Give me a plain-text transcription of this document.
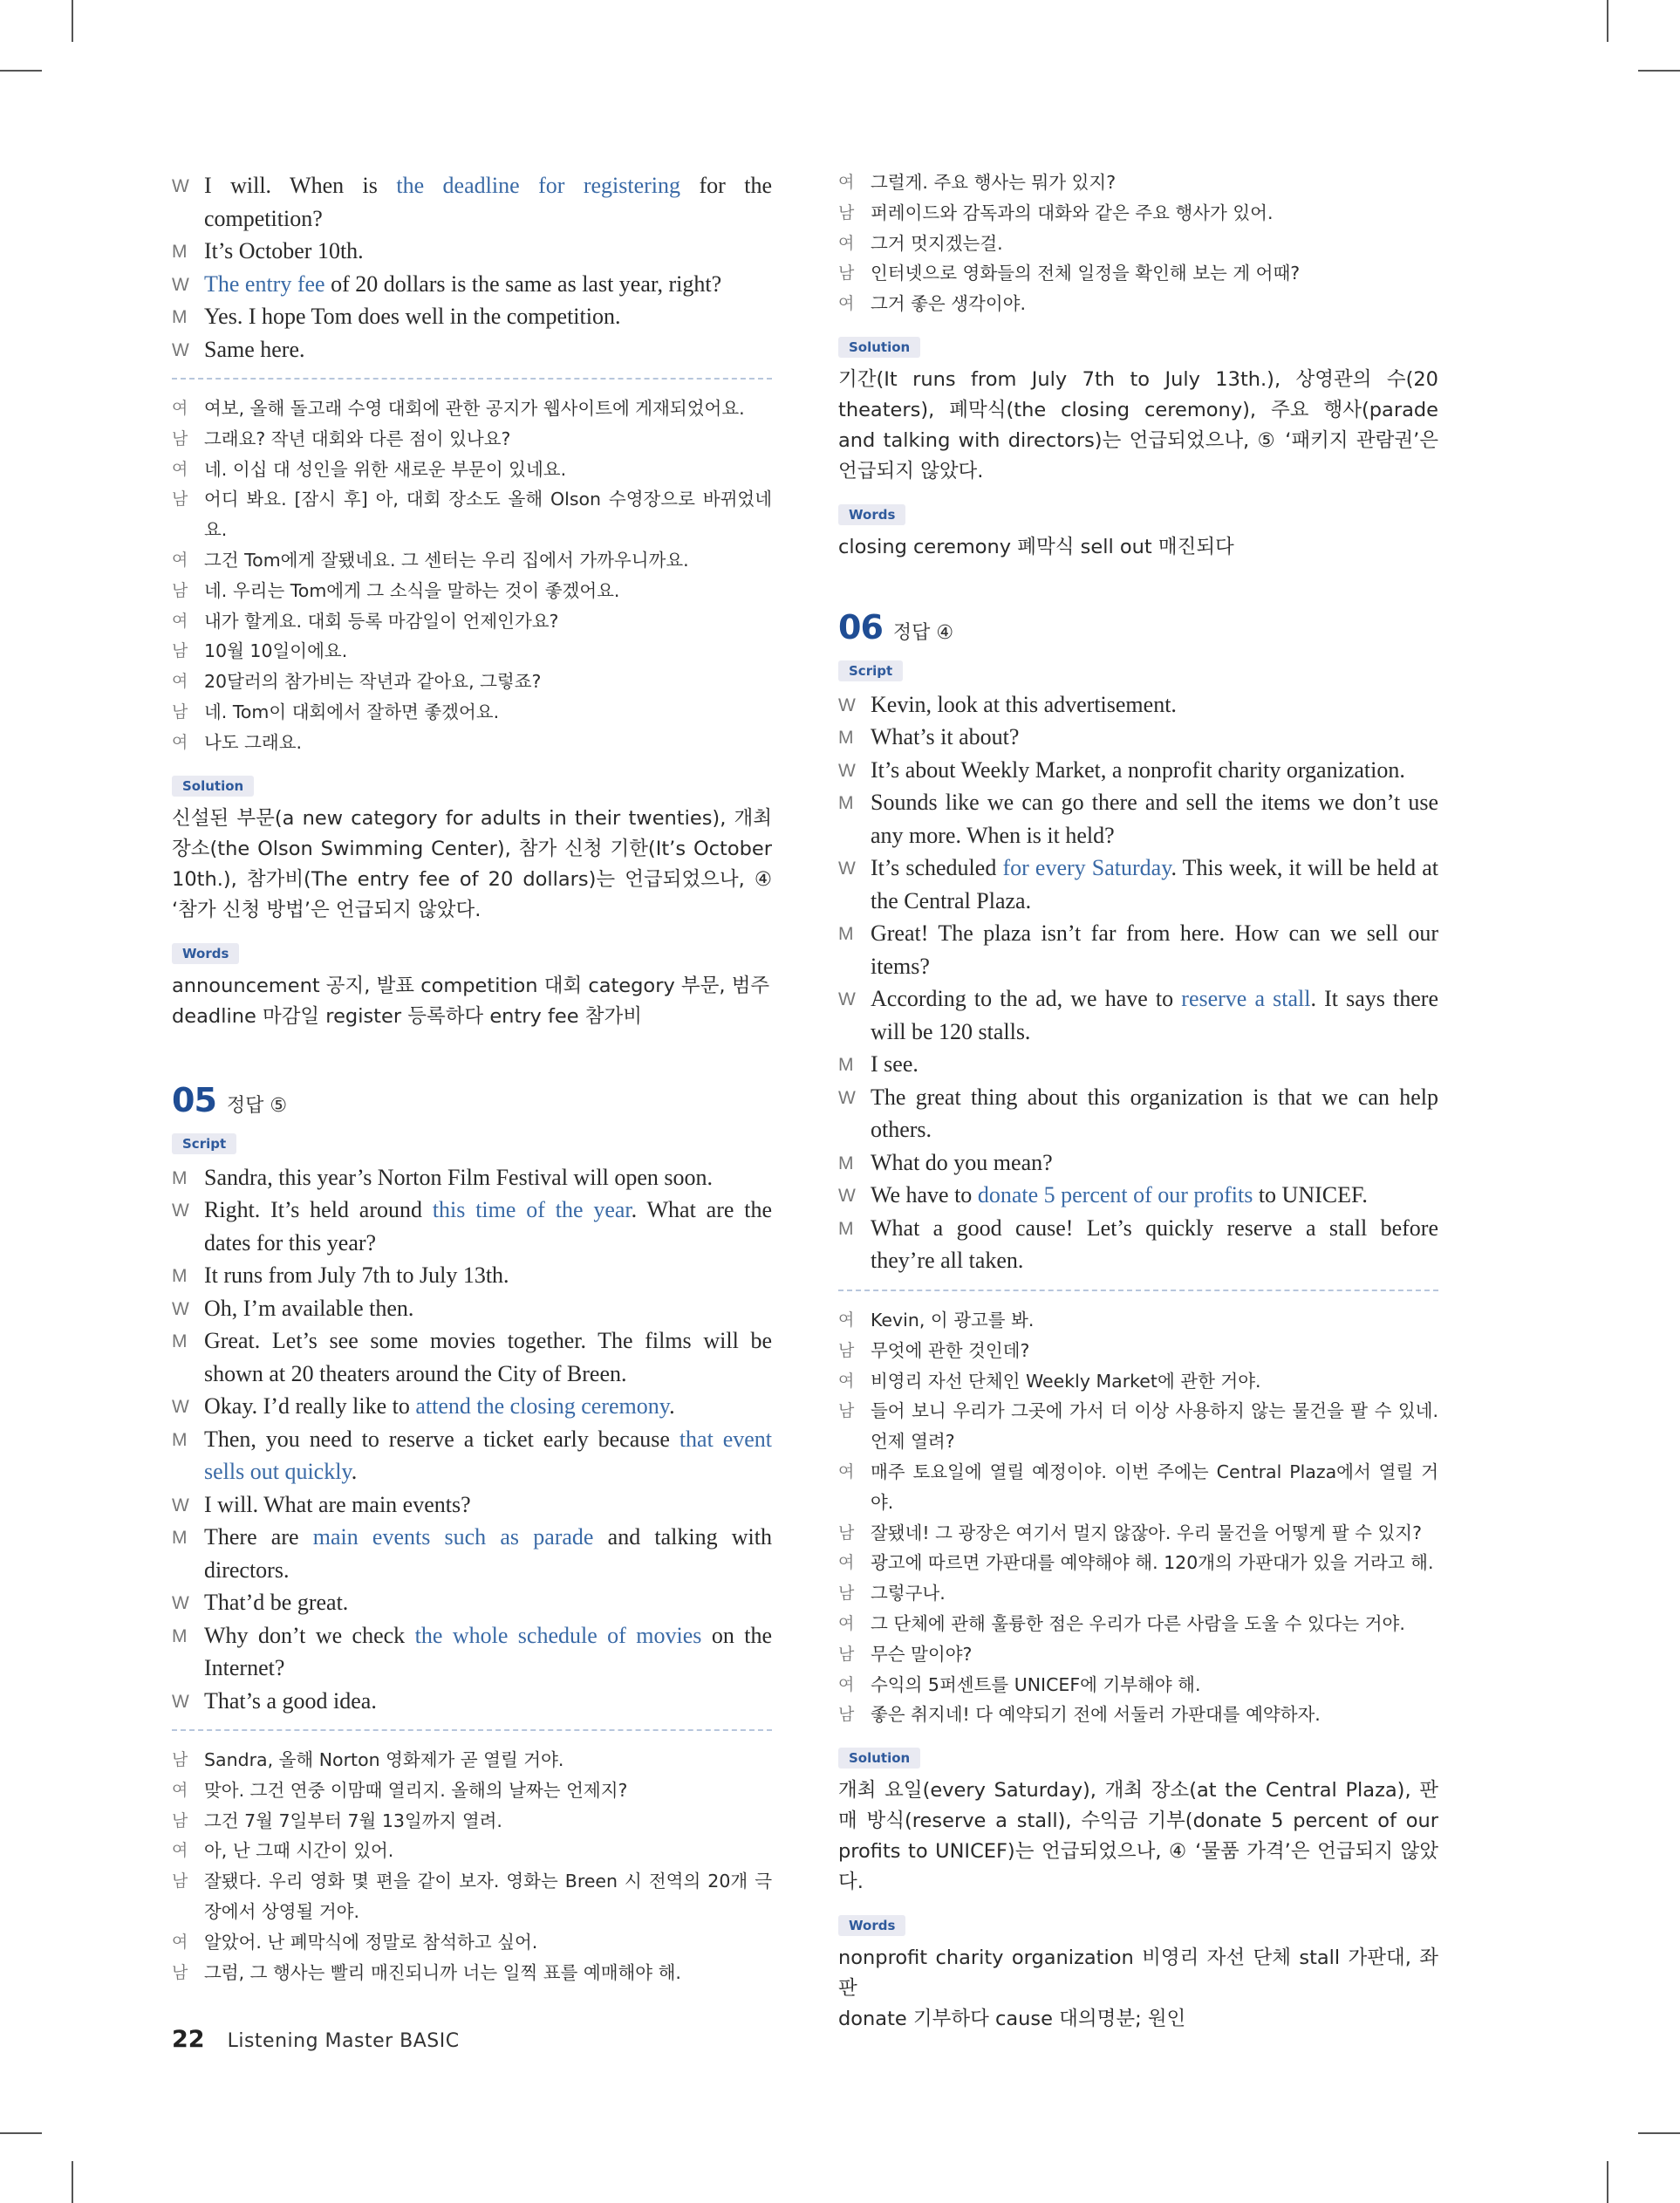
W I will. When is the deadline for registering for the competition?
M It’s October 10th.
W The entry fee of 20 dollars is the same as last year, right?
M Yes. I hope Tom does well in the competition.
W Same here.
여 여보, 올해 돌고래 수영 대회에 관한 공지가 웹사이트에 게재되었어요.
남 그래요? 작년 대회와 다른 점이 있나요?
여 네. 이십 대 성인을 위한 새로운 부문이 있네요.
남 어디 봐요. [잠시 후] 아, 대회 장소도 올해 Olson 수영장으로 바뀌었네요.
여 그건 Tom에게 잘됐네요. 그 센터는 우리 집에서 가까우니까요.
남 네. 우리는 Tom에게 그 소식을 말하는 것이 좋겠어요.
여 내가 할게요. 대회 등록 마감일이 언제인가요?
남 10월 10일이에요.
여 20달러의 참가비는 작년과 같아요, 그렇죠?
남 네. Tom이 대회에서 잘하면 좋겠어요.
여 나도 그래요.
Solution
신설된 부문(a new category for adults in their twenties), 개최 장소(the Olson Swimming Center), 참가 신청 기한(It’s October 10th.), 참가비(The entry fee of 20 dollars)는 언급되었으나, ④ ‘참가 신청 방법’은 언급되지 않았다.
Words
announcement 공지, 발표 competition 대회 category 부문, 범주
deadline 마감일 register 등록하다 entry fee 참가비
05 정답 ⑤
Script
M Sandra, this year’s Norton Film Festival will open soon.
W Right. It’s held around this time of the year. What are the dates for this year?
M It runs from July 7th to July 13th.
W Oh, I’m available then.
M Great. Let’s see some movies together. The films will be shown at 20 theaters around the City of Breen.
W Okay. I’d really like to attend the closing ceremony.
M Then, you need to reserve a ticket early because that event sells out quickly.
W I will. What are main events?
M There are main events such as parade and talking with directors.
W That’d be great.
M Why don’t we check the whole schedule of movies on the Internet?
W That’s a good idea.
남 Sandra, 올해 Norton 영화제가 곧 열릴 거야.
여 맞아. 그건 연중 이맘때 열리지. 올해의 날짜는 언제지?
남 그건 7월 7일부터 7월 13일까지 열려.
여 아, 난 그때 시간이 있어.
남 잘됐다. 우리 영화 몇 편을 같이 보자. 영화는 Breen 시 전역의 20개 극장에서 상영될 거야.
여 알았어. 난 폐막식에 정말로 참석하고 싶어.
남 그럼, 그 행사는 빨리 매진되니까 너는 일찍 표를 예매해야 해.
여 그럴게. 주요 행사는 뭐가 있지?
남 퍼레이드와 감독과의 대화와 같은 주요 행사가 있어.
여 그거 멋지겠는걸.
남 인터넷으로 영화들의 전체 일정을 확인해 보는 게 어때?
여 그거 좋은 생각이야.
Solution
기간(It runs from July 7th to July 13th.), 상영관의 수(20 theaters), 폐막식(the closing ceremony), 주요 행사(parade and talking with directors)는 언급되었으나, ⑤ ‘패키지 관람권’은 언급되지 않았다.
Words
closing ceremony 폐막식 sell out 매진되다
06 정답 ④
Script
W Kevin, look at this advertisement.
M What’s it about?
W It’s about Weekly Market, a nonprofit charity organization.
M Sounds like we can go there and sell the items we don’t use any more. When is it held?
W It’s scheduled for every Saturday. This week, it will be held at the Central Plaza.
M Great! The plaza isn’t far from here. How can we sell our items?
W According to the ad, we have to reserve a stall. It says there will be 120 stalls.
M I see.
W The great thing about this organization is that we can help others.
M What do you mean?
W We have to donate 5 percent of our profits to UNICEF.
M What a good cause! Let’s quickly reserve a stall before they’re all taken.
여 Kevin, 이 광고를 봐.
남 무엇에 관한 것인데?
여 비영리 자선 단체인 Weekly Market에 관한 거야.
남 들어 보니 우리가 그곳에 가서 더 이상 사용하지 않는 물건을 팔 수 있네. 언제 열려?
여 매주 토요일에 열릴 예정이야. 이번 주에는 Central Plaza에서 열릴 거야.
남 잘됐네! 그 광장은 여기서 멀지 않잖아. 우리 물건을 어떻게 팔 수 있지?
여 광고에 따르면 가판대를 예약해야 해. 120개의 가판대가 있을 거라고 해.
남 그렇구나.
여 그 단체에 관해 훌륭한 점은 우리가 다른 사람을 도울 수 있다는 거야.
남 무슨 말이야?
여 수익의 5퍼센트를 UNICEF에 기부해야 해.
남 좋은 취지네! 다 예약되기 전에 서둘러 가판대를 예약하자.
Solution
개최 요일(every Saturday), 개최 장소(at the Central Plaza), 판매 방식(reserve a stall), 수익금 기부(donate 5 percent of our profits to UNICEF)는 언급되었으나, ④ ‘물품 가격’은 언급되지 않았다.
Words
nonprofit charity organization 비영리 자선 단체 stall 가판대, 좌판
donate 기부하다 cause 대의명분; 원인
22 Listening Master BASIC
